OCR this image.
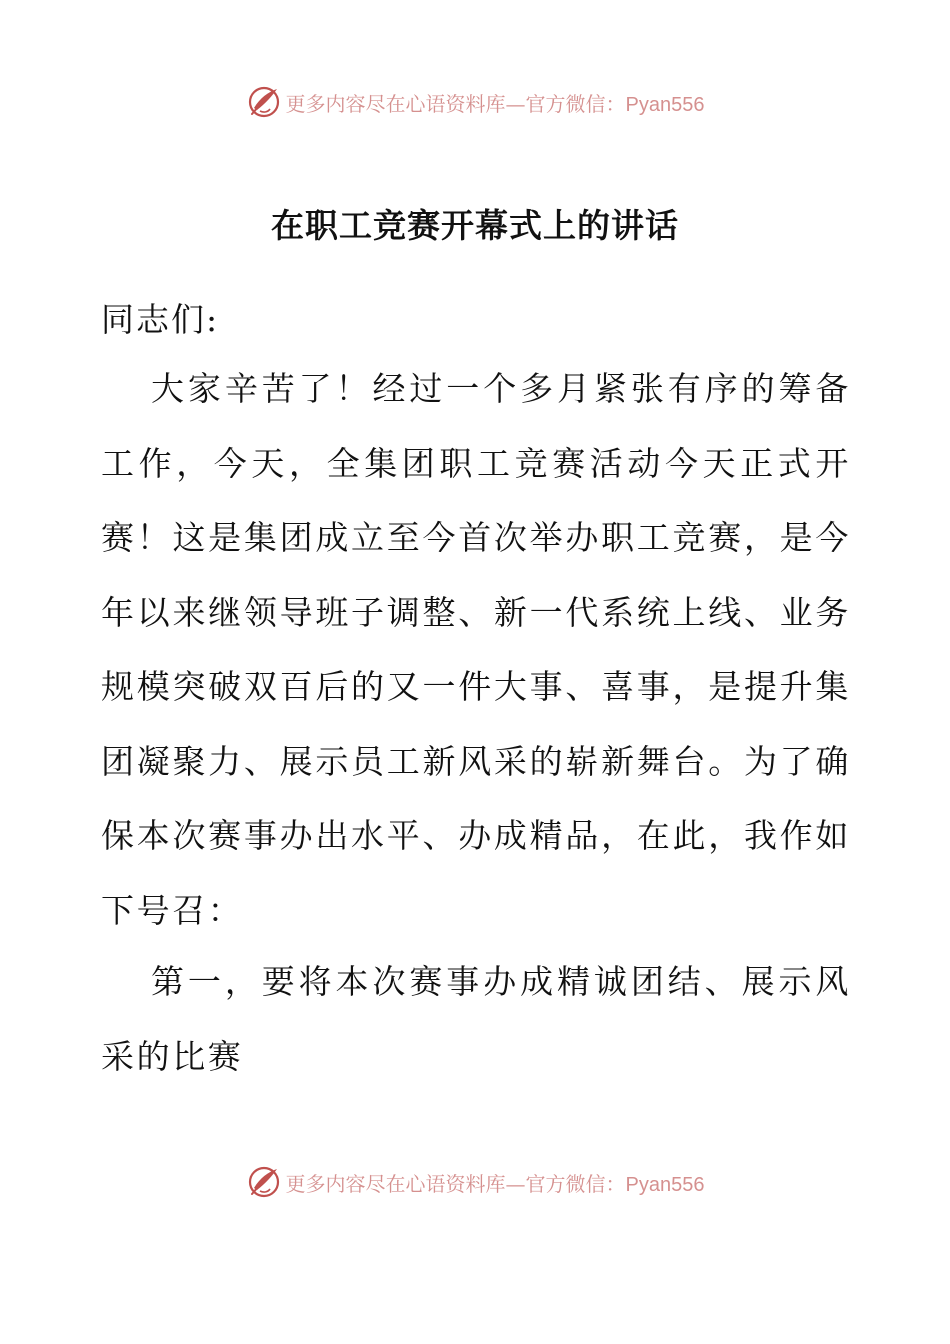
更多内容尽在心语资料库—官方微信：Pyan556
在职工竞赛开幕式上的讲话

同志们:

大家辛苦了！经过一个多月紧张有序的筹备工作，今天，全集团职工竞赛活动今天正式开赛！这是集团成立至今首次举办职工竞赛，是今年以来继领导班子调整、新一代系统上线、业务规模突破双百后的又一件大事、喜事，是提升集团凝聚力、展示员工新风采的崭新舞台。为了确保本次赛事办出水平、办成精品，在此，我作如下号召：

第一，要将本次赛事办成精诚团结、展示风采的比赛

更多内容尽在心语资料库—官方微信：Pyan556
